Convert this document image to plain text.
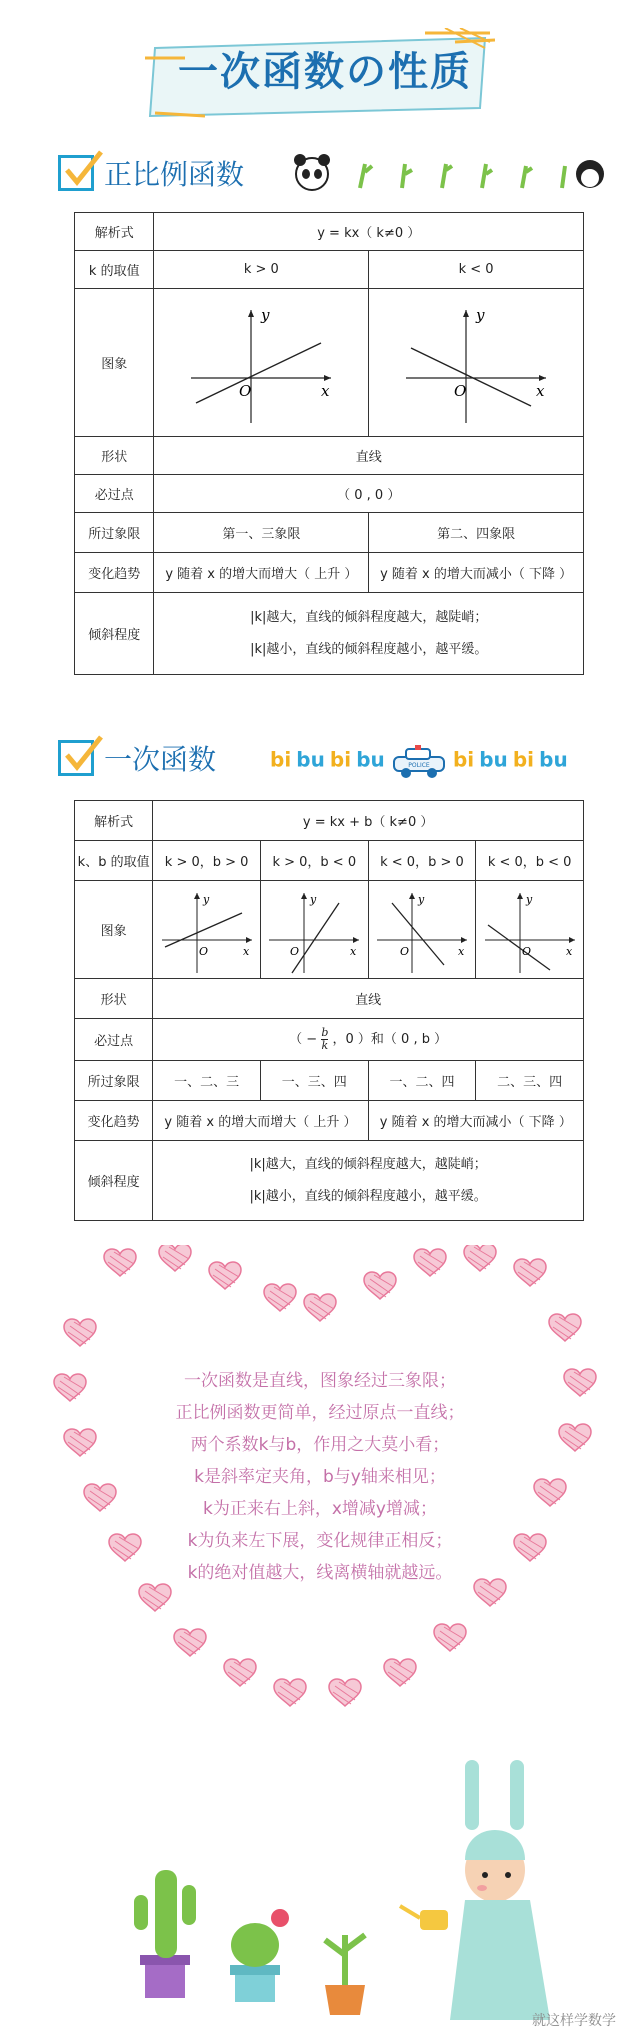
一次函数の性质
正比例函数
解析式	y = kx（ k≠0 ）	
k 的取值	k > 0	k < 0
图象	y
x
O	y
x
O

形状	直线	
必过点	（ 0 , 0 ）	
所过象限	第一、三象限	第二、四象限
变化趋势	y 随着 x 的增大而增大（ 上升 ）	y 随着 x 的增大而减小（ 下降 ）
倾斜程度	|k|越大，直线的倾斜程度越大，越陡峭；
|k|越小，直线的倾斜程度越小，越平缓。	
一次函数	bi bu bi bu	POLICE bi bu bi bu
解析式	y = kx + b（ k≠0 ）			
k、b 的取值	k > 0，b > 0	k > 0，b < 0	k < 0，b > 0	k < 0，b < 0
图象	y
x
O	y
x
O	y
x
O	y
x
O

形状	直线			
必过点	（ − $\frac{b}{k}$ ，0 ）和（ 0 , b ）			
所过象限	一、二、三	一、三、四	一、二、四	二、三、四
变化趋势	y 随着 x 的增大而增大（ 上升 ）		y 随着 x 的增大而减小（ 下降 ）	
倾斜程度	|k|越大，直线的倾斜程度越大，越陡峭；
|k|越小，直线的倾斜程度越小，越平缓。			
一次函数是直线，图象经过三象限；
正比例函数更简单，经过原点一直线；
两个系数k与b，作用之大莫小看；
k是斜率定夹角，b与y轴来相见；
k为正来右上斜，x增减y增减；
k为负来左下展，变化规律正相反；
k的绝对值越大，线离横轴就越远。
就这样学数学
